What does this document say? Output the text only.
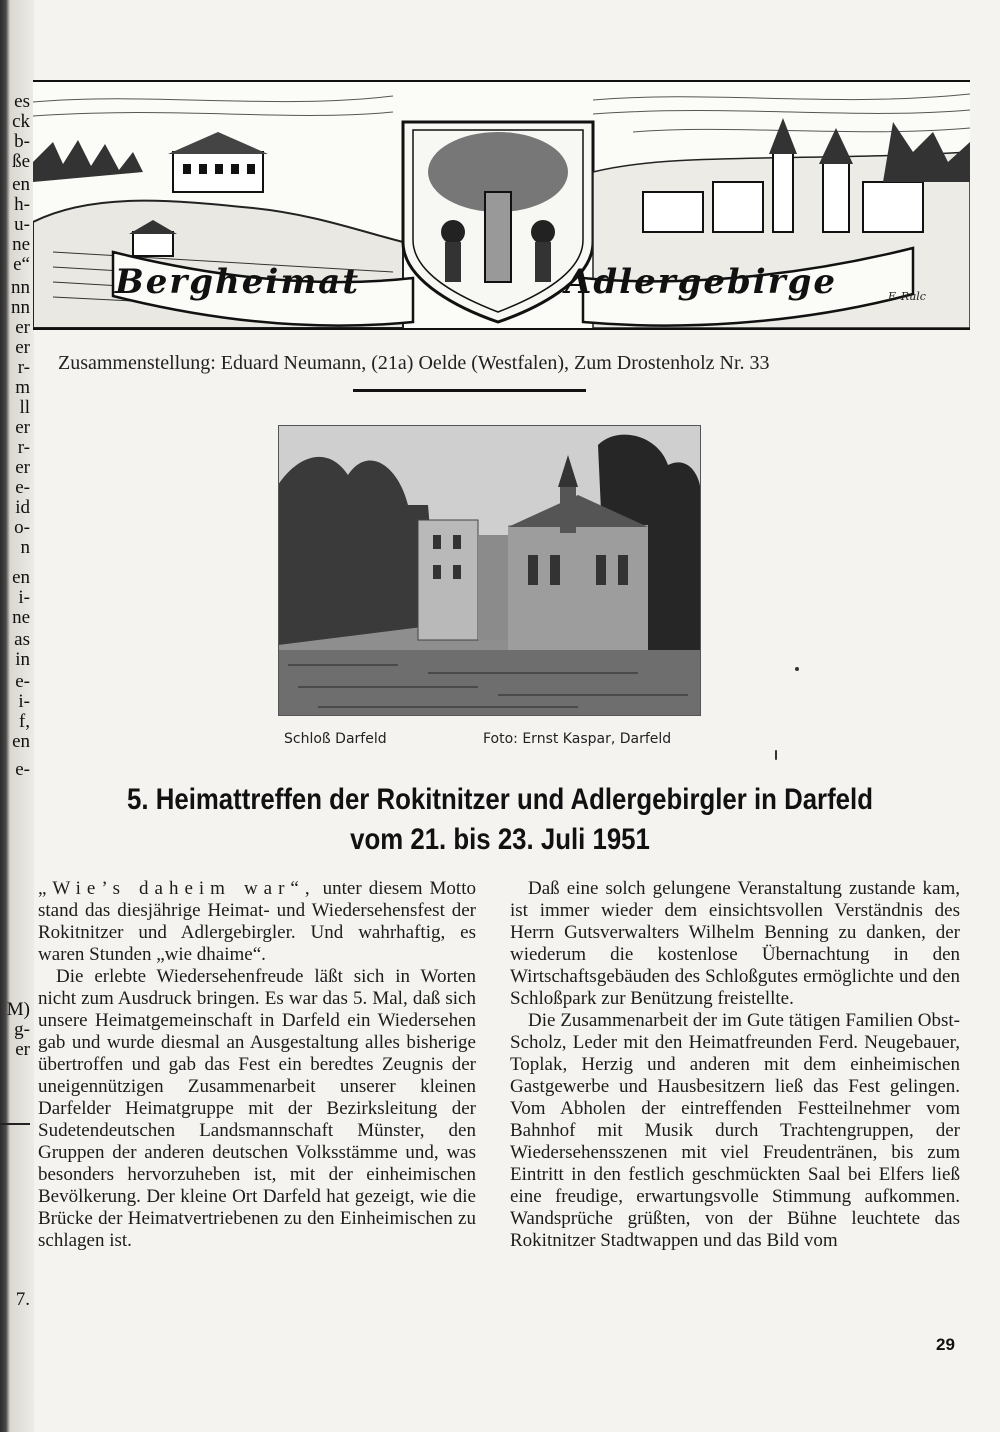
es
ck
b-
ße
en
h-
u-
ne
e“
nn
nn
er
er
r-
m
ll
er
r-
er
e-
id
o-
n
en
i-
ne
as
in
e-
i-
f,
en
e-
M)
g-
er
7.
F. Rulc
Bergheimat	Adlergebirge
Zusammenstellung: Eduard Neumann, (21a) Oelde (Westfalen), Zum Drostenholz Nr. 33
Schloß Darfeld	Foto: Ernst Kaspar, Darfeld
5. Heimattreffen der Rokitnitzer und Adlergebirgler in Darfeld
vom 21. bis 23. Juli 1951

„Wie’s daheim war“, unter diesem Motto stand das diesjährige Heimat- und Wiedersehensfest der Rokitnitzer und Adlergebirgler. Und wahrhaftig, es waren Stunden „wie dhaime“.

Die erlebte Wiedersehenfreude läßt sich in Worten nicht zum Ausdruck bringen. Es war das 5. Mal, daß sich unsere Heimatgemeinschaft in Darfeld ein Wiedersehen gab und wurde diesmal an Ausgestaltung alles bisherige übertroffen und gab das Fest ein beredtes Zeugnis der uneigennützigen Zusammenarbeit unserer kleinen Darfelder Heimatgruppe mit der Bezirksleitung der Sudetendeutschen Landsmannschaft Münster, den Gruppen der anderen deutschen Volksstämme und, was besonders hervorzuheben ist, mit der einheimischen Bevölkerung. Der kleine Ort Darfeld hat gezeigt, wie die Brücke der Heimatvertriebenen zu den Einheimischen zu schlagen ist.

Daß eine solch gelungene Veranstaltung zustande kam, ist immer wieder dem einsichtsvollen Verständnis des Herrn Gutsverwalters Wilhelm Benning zu danken, der wiederum die kostenlose Übernachtung in den Wirtschaftsgebäuden des Schloßgutes ermöglichte und den Schloßpark zur Benützung freistellte.

Die Zusammenarbeit der im Gute tätigen Familien Obst-Scholz, Leder mit den Heimatfreunden Ferd. Neugebauer, Toplak, Herzig und anderen mit dem einheimischen Gastgewerbe und Hausbesitzern ließ das Fest gelingen. Vom Abholen der eintreffenden Festteilnehmer vom Bahnhof mit Musik durch Trachtengruppen, der Wiedersehensszenen mit viel Freudentränen, bis zum Eintritt in den festlich geschmückten Saal bei Elfers ließ eine freudige, erwartungsvolle Stimmung aufkommen. Wandsprüche grüßten, von der Bühne leuchtete das Rokitnitzer Stadtwappen und das Bild vom

29
